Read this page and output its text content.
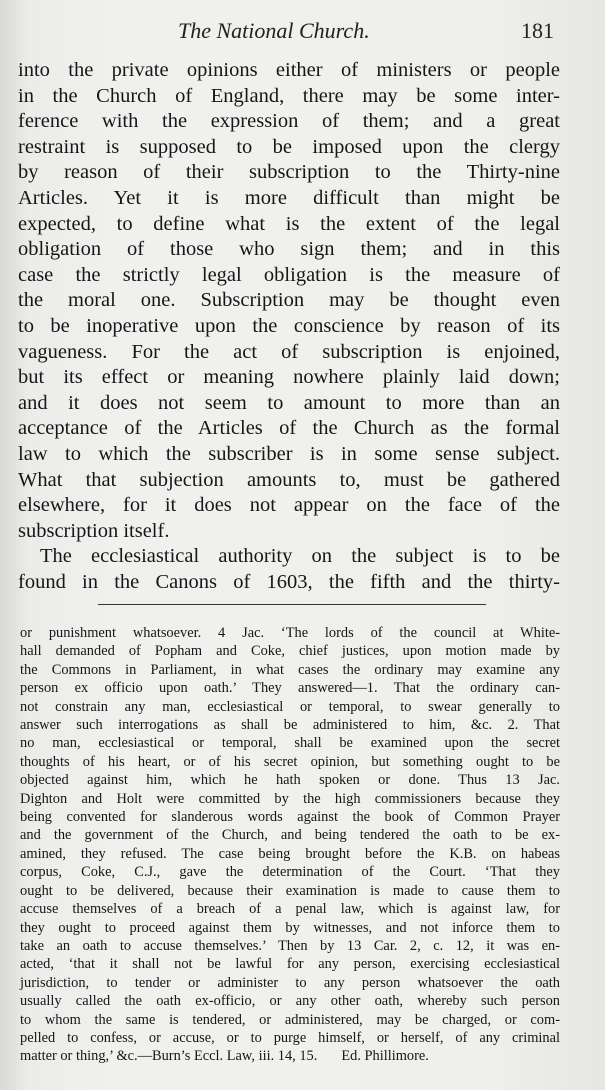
The National Church.	181

into the private opinions either of ministers or people
in the Church of England, there may be some inter-
ference with the expression of them; and a great
restraint is supposed to be imposed upon the clergy
by reason of their subscription to the Thirty-nine
Articles. Yet it is more difficult than might be
expected, to define what is the extent of the legal
obligation of those who sign them; and in this
case the strictly legal obligation is the measure of
the moral one. Subscription may be thought even
to be inoperative upon the conscience by reason of its
vagueness. For the act of subscription is enjoined,
but its effect or meaning nowhere plainly laid down;
and it does not seem to amount to more than an
acceptance of the Articles of the Church as the formal
law to which the subscriber is in some sense subject.
What that subjection amounts to, must be gathered
elsewhere, for it does not appear on the face of the
subscription itself.

The ecclesiastical authority on the subject is to be
found in the Canons of 1603, the fifth and the thirty-

or punishment whatsoever. 4 Jac. ‘The lords of the council at White-
hall demanded of Popham and Coke, chief justices, upon motion made by
the Commons in Parliament, in what cases the ordinary may examine any
person ex officio upon oath.’ They answered—1. That the ordinary can-
not constrain any man, ecclesiastical or temporal, to swear generally to
answer such interrogations as shall be administered to him, &c. 2. That
no man, ecclesiastical or temporal, shall be examined upon the secret
thoughts of his heart, or of his secret opinion, but something ought to be
objected against him, which he hath spoken or done. Thus 13 Jac.
Dighton and Holt were committed by the high commissioners because they
being convented for slanderous words against the book of Common Prayer
and the government of the Church, and being tendered the oath to be ex-
amined, they refused. The case being brought before the K.B. on habeas
corpus, Coke, C.J., gave the determination of the Court. ‘That they
ought to be delivered, because their examination is made to cause them to
accuse themselves of a breach of a penal law, which is against law, for
they ought to proceed against them by witnesses, and not inforce them to
take an oath to accuse themselves.’ Then by 13 Car. 2, c. 12, it was en-
acted, ‘that it shall not be lawful for any person, exercising ecclesiastical
jurisdiction, to tender or administer to any person whatsoever the oath
usually called the oath ex-officio, or any other oath, whereby such person
to whom the same is tendered, or administered, may be charged, or com-
pelled to confess, or accuse, or to purge himself, or herself, of any criminal
matter or thing,’ &c.—Burn’s Eccl. Law, iii. 14, 15. Ed. Phillimore.
